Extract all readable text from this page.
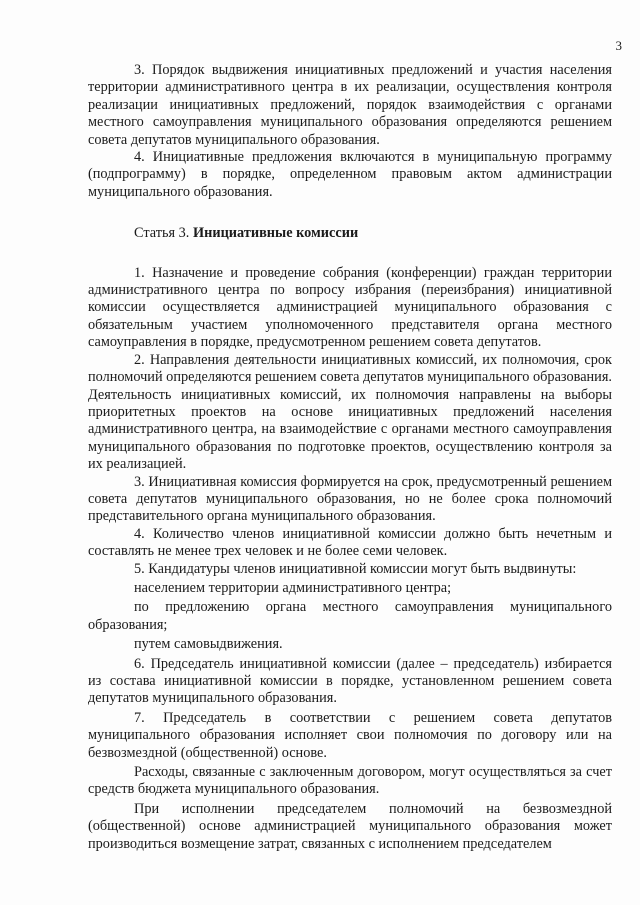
3

3. Порядок выдвижения инициативных предложений и участия населения территории административного центра в их реализации, осуществления контроля реализации инициативных предложений, порядок взаимодействия с органами местного самоуправления муниципального образования определяются решением совета депутатов муниципального образования.

4. Инициативные предложения включаются в муниципальную программу (подпрограмму) в порядке, определенном правовым актом администрации муниципального образования.

Статья 3. Инициативные комиссии

1. Назначение и проведение собрания (конференции) граждан территории административного центра по вопросу избрания (переизбрания) инициативной комиссии осуществляется администрацией муниципального образования с обязательным участием уполномоченного представителя органа местного самоуправления в порядке, предусмотренном решением совета депутатов.

2. Направления деятельности инициативных комиссий, их полномочия, срок полномочий определяются решением совета депутатов муниципального образования. Деятельность инициативных комиссий, их полномочия направлены на выборы приоритетных проектов на основе инициативных предложений населения административного центра, на взаимодействие с органами местного самоуправления муниципального образования по подготовке проектов, осуществлению контроля за их реализацией.

3. Инициативная комиссия формируется на срок, предусмотренный решением совета депутатов муниципального образования, но не более срока полномочий представительного органа муниципального образования.

4. Количество членов инициативной комиссии должно быть нечетным и составлять не менее трех человек и не более семи человек.

5. Кандидатуры членов инициативной комиссии могут быть выдвинуты:

населением территории административного центра;

по предложению органа местного самоуправления муниципального образования;

путем самовыдвижения.

6. Председатель инициативной комиссии (далее – председатель) избирается из состава инициативной комиссии в порядке, установленном решением совета депутатов муниципального образования.

7. Председатель в соответствии с решением совета депутатов муниципального образования исполняет свои полномочия по договору или на безвозмездной (общественной) основе.

Расходы, связанные с заключенным договором, могут осуществляться за счет средств бюджета муниципального образования.

При исполнении председателем полномочий на безвозмездной (общественной) основе администрацией муниципального образования может производиться возмещение затрат, связанных с исполнением председателем
